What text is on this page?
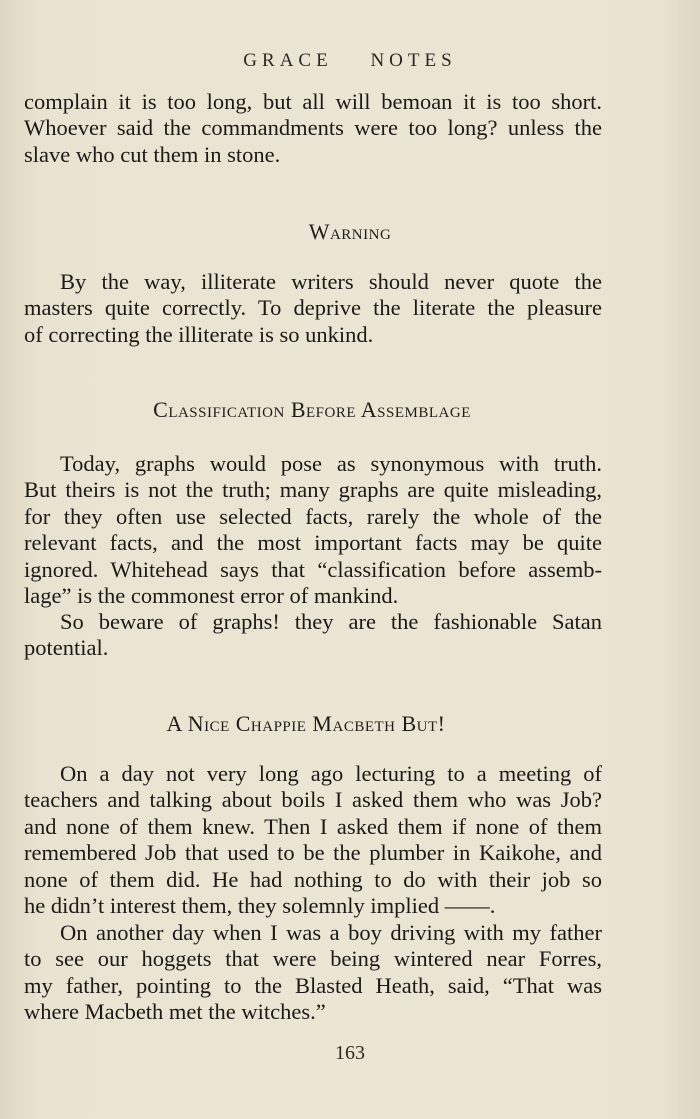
GRACE NOTES

complain it is too long, but all will bemoan it is too short.
Whoever said the commandments were too long? unless the
slave who cut them in stone.

Warning

By the way, illiterate writers should never quote the
masters quite correctly. To deprive the literate the pleasure
of correcting the illiterate is so unkind.

Classification Before Assemblage

Today, graphs would pose as synonymous with truth.
But theirs is not the truth; many graphs are quite misleading,
for they often use selected facts, rarely the whole of the
relevant facts, and the most important facts may be quite
ignored. Whitehead says that “classification before assemb-
lage” is the commonest error of mankind.

So beware of graphs! they are the fashionable Satan
potential.

A Nice Chappie Macbeth But!

On a day not very long ago lecturing to a meeting of
teachers and talking about boils I asked them who was Job?
and none of them knew. Then I asked them if none of them
remembered Job that used to be the plumber in Kaikohe, and
none of them did. He had nothing to do with their job so
he didn’t interest them, they solemnly implied ——.

On another day when I was a boy driving with my father
to see our hoggets that were being wintered near Forres,
my father, pointing to the Blasted Heath, said, “That was
where Macbeth met the witches.”

163
